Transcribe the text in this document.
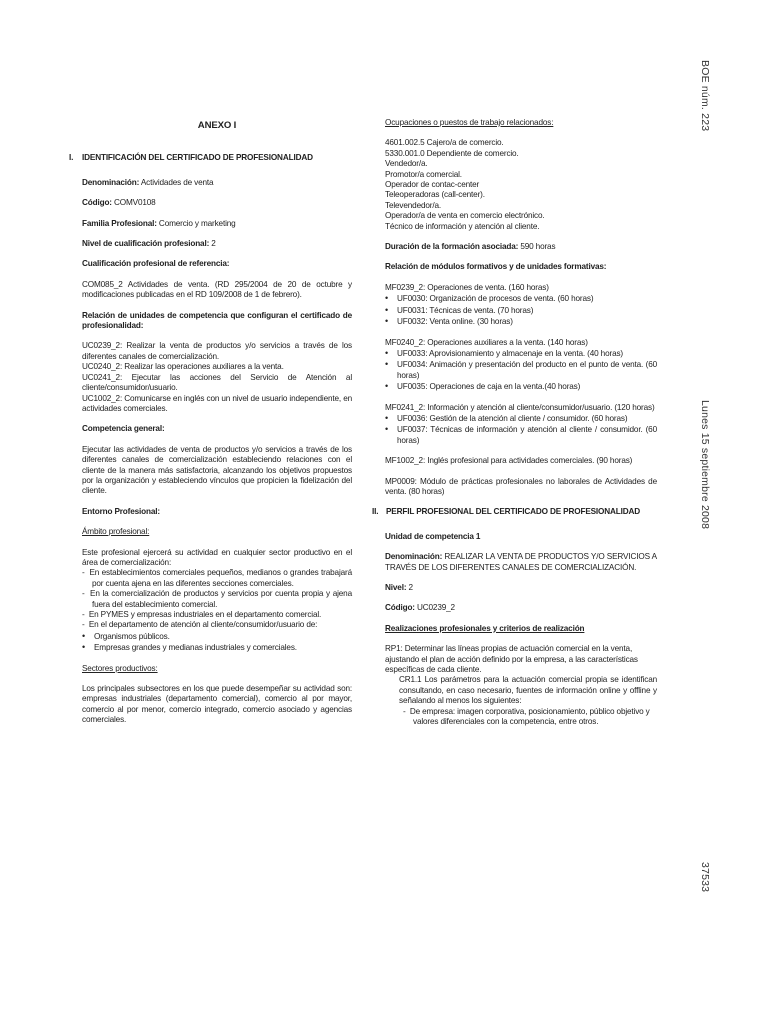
BOE núm. 223
Lunes 15 septiembre 2008
37533
ANEXO I
I. IDENTIFICACIÓN DEL CERTIFICADO DE PROFESIONALIDAD

Denominación: Actividades de venta

Código: COMV0108

Familia Profesional: Comercio y marketing

Nivel de cualificación profesional: 2

Cualificación profesional de referencia:

COM085_2 Actividades de venta. (RD 295/2004 de 20 de octubre y modificaciones publicadas en el RD 109/2008 de 1 de febrero).

Relación de unidades de competencia que configuran el certificado de profesionalidad:

UC0239_2: Realizar la venta de productos y/o servicios a través de los diferentes canales de comercialización.

UC0240_2: Realizar las operaciones auxiliares a la venta.

UC0241_2: Ejecutar las acciones del Servicio de Atención al cliente/consumidor/usuario.

UC1002_2: Comunicarse en inglés con un nivel de usuario independiente, en actividades comerciales.

Competencia general:

Ejecutar las actividades de venta de productos y/o servicios a través de los diferentes canales de comercialización estableciendo relaciones con el cliente de la manera más satisfactoria, alcanzando los objetivos propuestos por la organización y estableciendo vínculos que propicien la fidelización del cliente.

Entorno Profesional:

Ámbito profesional:

Este profesional ejercerá su actividad en cualquier sector productivo en el área de comercialización:

-  En establecimientos comerciales pequeños, medianos o grandes trabajará por cuenta ajena en las diferentes secciones comerciales.

-  En la comercialización de productos y servicios por cuenta propia y ajena fuera del establecimiento comercial.

-  En PYMES y empresas industriales en el departamento comercial.

-  En el departamento de atención al cliente/consumidor/usuario de:

• Organismos públicos.

• Empresas grandes y medianas industriales y comerciales.

Sectores productivos:

Los principales subsectores en los que puede desempeñar su actividad son: empresas industriales (departamento comercial), comercio al por mayor, comercio al por menor, comercio integrado, comercio asociado y agencias comerciales.

Ocupaciones o puestos de trabajo relacionados:

4601.002.5 Cajero/a de comercio.

5330.001.0 Dependiente de comercio.

Vendedor/a.

Promotor/a comercial.

Operador de contac-center

Teleoperadoras (call-center).

Televendedor/a.

Operador/a de venta en comercio electrónico.

Técnico de información y atención al cliente.

Duración de la formación asociada: 590 horas

Relación de módulos formativos y de unidades formativas:

MF0239_2: Operaciones de venta. (160 horas)

• UF0030: Organización de procesos de venta. (60 horas)

• UF0031: Técnicas de venta. (70 horas)

• UF0032: Venta online. (30 horas)

MF0240_2: Operaciones auxiliares a la venta. (140 horas)

• UF0033: Aprovisionamiento y almacenaje en la venta. (40 horas)

• UF0034: Animación y presentación del producto en el punto de venta. (60 horas)

• UF0035: Operaciones de caja en la venta.(40 horas)

MF0241_2: Información y atención al cliente/consumidor/usuario. (120 horas)

• UF0036: Gestión de la atención al cliente / consumidor. (60 horas)

• UF0037: Técnicas de información y atención al cliente / consumidor. (60 horas)

MF1002_2: Inglés profesional para actividades comerciales. (90 horas)

MP0009: Módulo de prácticas profesionales no laborales de Actividades de venta. (80 horas)

II. PERFIL PROFESIONAL DEL CERTIFICADO DE PROFESIONALIDAD

Unidad de competencia 1

Denominación: REALIZAR LA VENTA DE PRODUCTOS Y/O SERVICIOS A TRAVÉS DE LOS DIFERENTES CANALES DE COMERCIALIZACIÓN.

Nivel: 2

Código: UC0239_2

Realizaciones profesionales y criterios de realización

RP1: Determinar las líneas propias de actuación comercial en la venta, ajustando el plan de acción definido por la empresa, a las características específicas de cada cliente.

CR1.1 Los parámetros para la actuación comercial propia se identifican consultando, en caso necesario, fuentes de información online y offline y señalando al menos los siguientes:

-  De empresa: imagen corporativa, posicionamiento, público objetivo y valores diferenciales con la competencia, entre otros.
